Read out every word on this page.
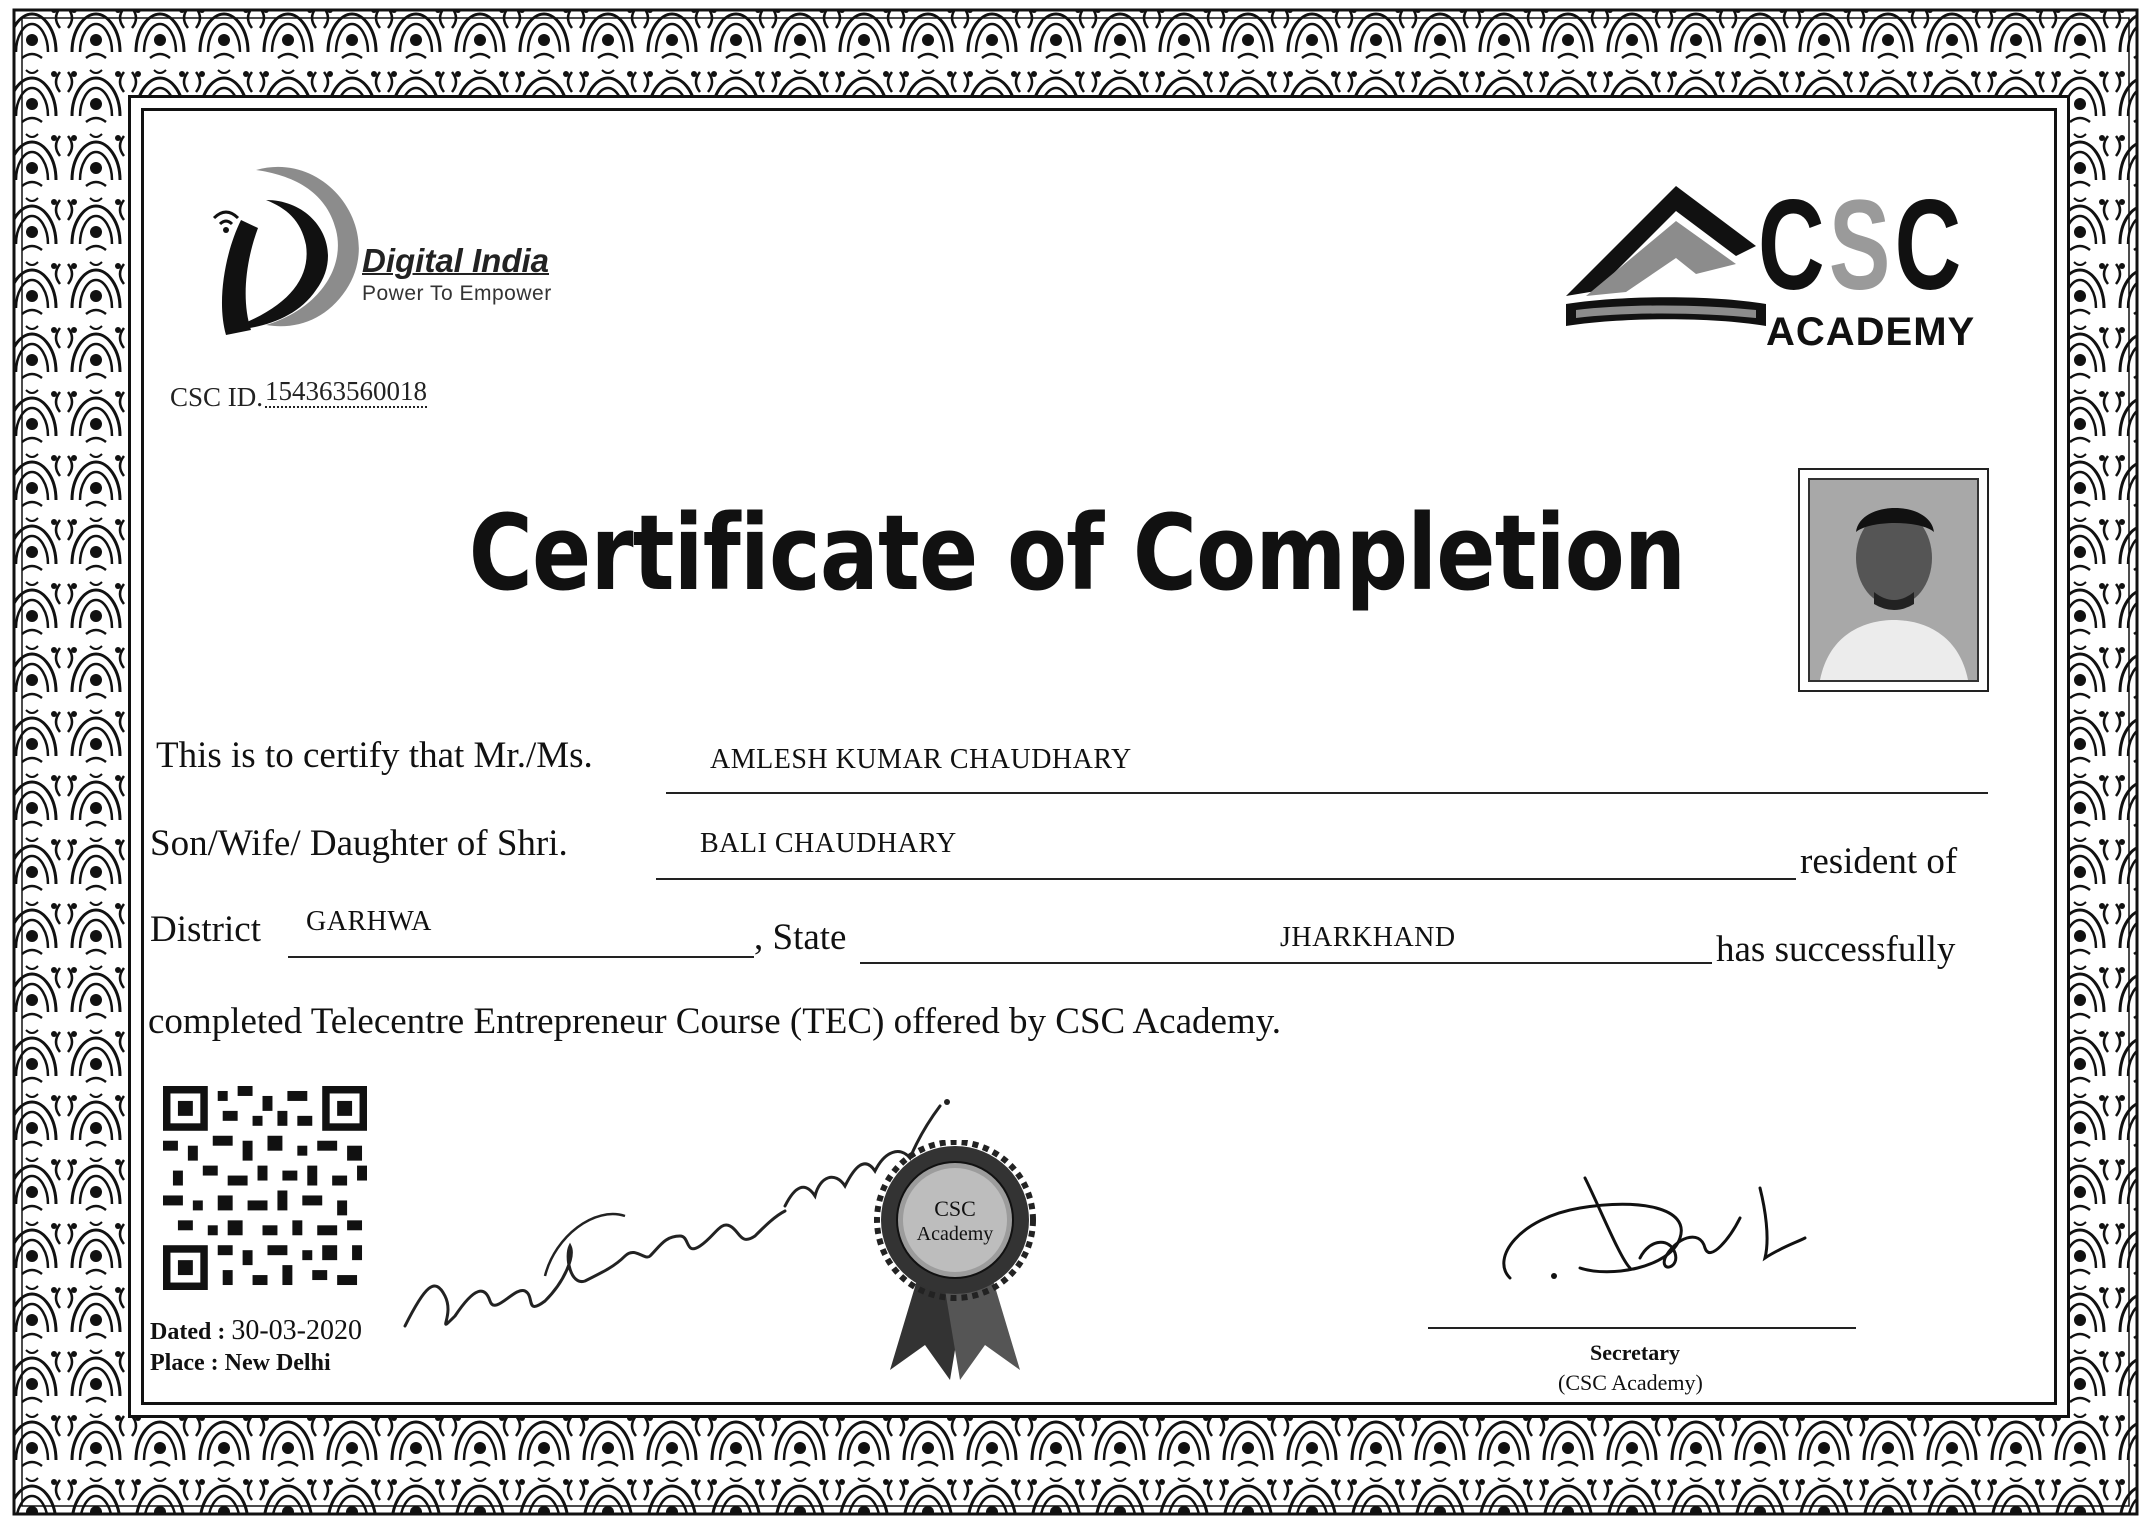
Digital India
Power To Empower
CSC ID.154363560018
CSC
ACADEMY
Certificate of Completion
This is to certify that Mr./Ms.	AMLESH KUMAR CHAUDHARY
Son/Wife/ Daughter of Shri.	BALI CHAUDHARY	resident of
District GARHWA	, State	JHARKHAND	has successfully
completed Telecentre Entrepreneur Course (TEC) offered by CSC Academy.
Dated : 30-03-2020
Place : New Delhi
CSC
Academy
Secretary
(CSC Academy)
